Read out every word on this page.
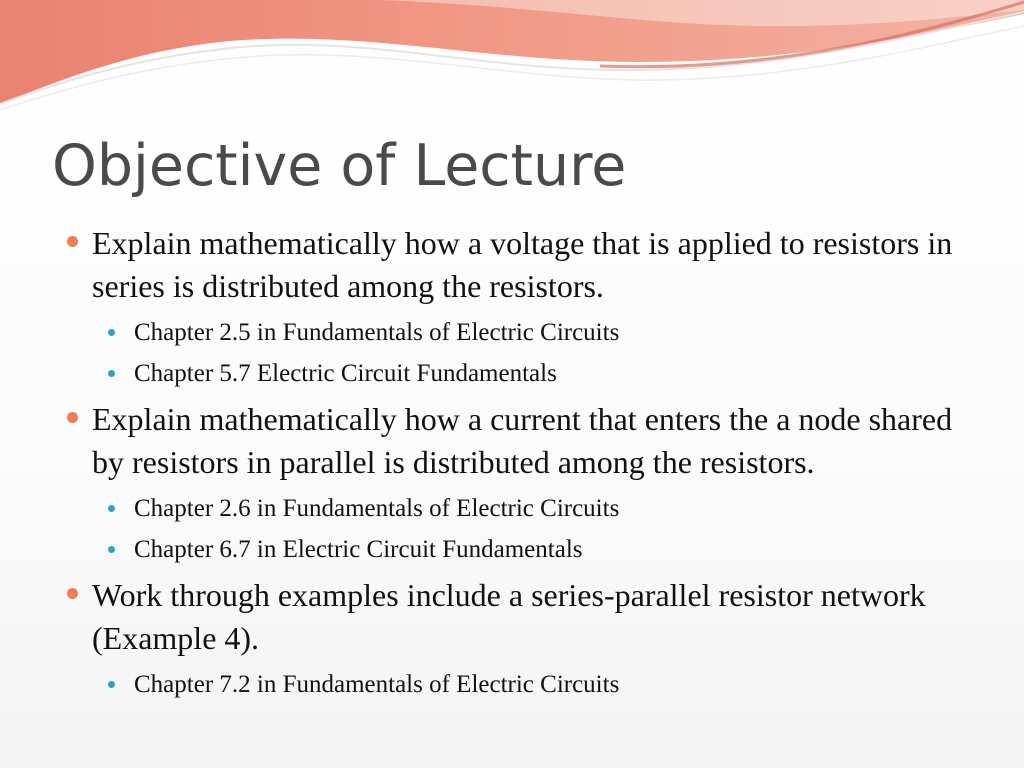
Objective of Lecture
Explain mathematically how a voltage that is applied to resistors in series is distributed among the resistors.
Chapter 2.5 in Fundamentals of Electric Circuits
Chapter 5.7 Electric Circuit Fundamentals
Explain mathematically how a current that enters the a node shared by resistors in parallel is distributed among the resistors.
Chapter 2.6 in Fundamentals of Electric Circuits
Chapter 6.7 in Electric Circuit Fundamentals
Work through examples include a series-parallel resistor network (Example 4).
Chapter 7.2 in Fundamentals of Electric Circuits
